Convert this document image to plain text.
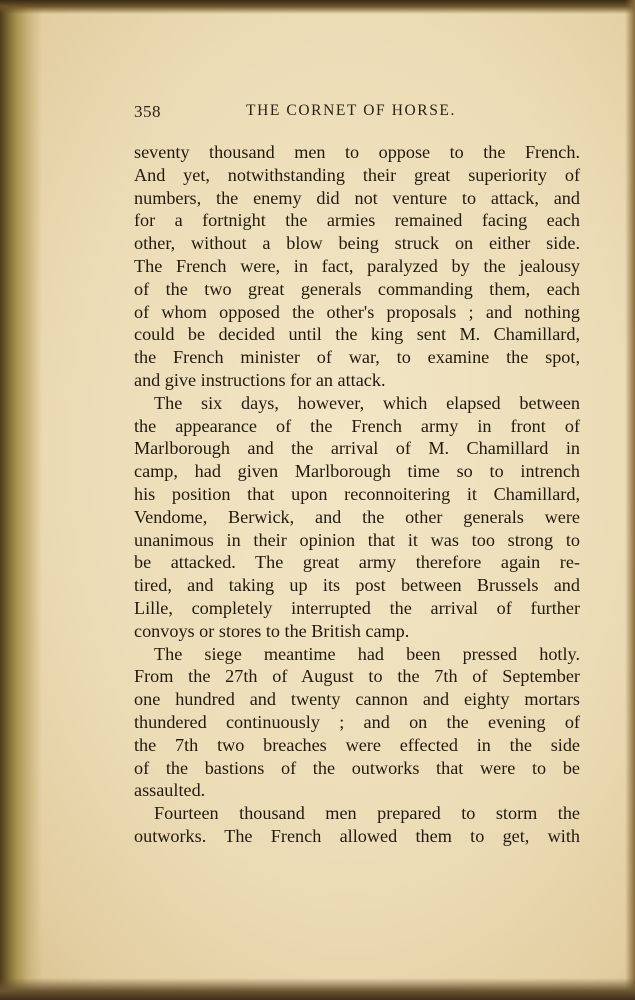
358	THE CORNET OF HORSE.
seventy thousand men to oppose to the French.
And yet, notwithstanding their great superiority of
numbers, the enemy did not venture to attack, and
for a fortnight the armies remained facing each
other, without a blow being struck on either side.
The French were, in fact, paralyzed by the jealousy
of the two great generals commanding them, each
of whom opposed the other's proposals ; and nothing
could be decided until the king sent M. Chamillard,
the French minister of war, to examine the spot,
and give instructions for an attack.
The six days, however, which elapsed between
the appearance of the French army in front of
Marlborough and the arrival of M. Chamillard in
camp, had given Marlborough time so to intrench
his position that upon reconnoitering it Chamillard,
Vendome, Berwick, and the other generals were
unanimous in their opinion that it was too strong to
be attacked. The great army therefore again re-
tired, and taking up its post between Brussels and
Lille, completely interrupted the arrival of further
convoys or stores to the British camp.
The siege meantime had been pressed hotly.
From the 27th of August to the 7th of September
one hundred and twenty cannon and eighty mortars
thundered continuously ; and on the evening of
the 7th two breaches were effected in the side
of the bastions of the outworks that were to be
assaulted.
Fourteen thousand men prepared to storm the
outworks. The French allowed them to get, with
